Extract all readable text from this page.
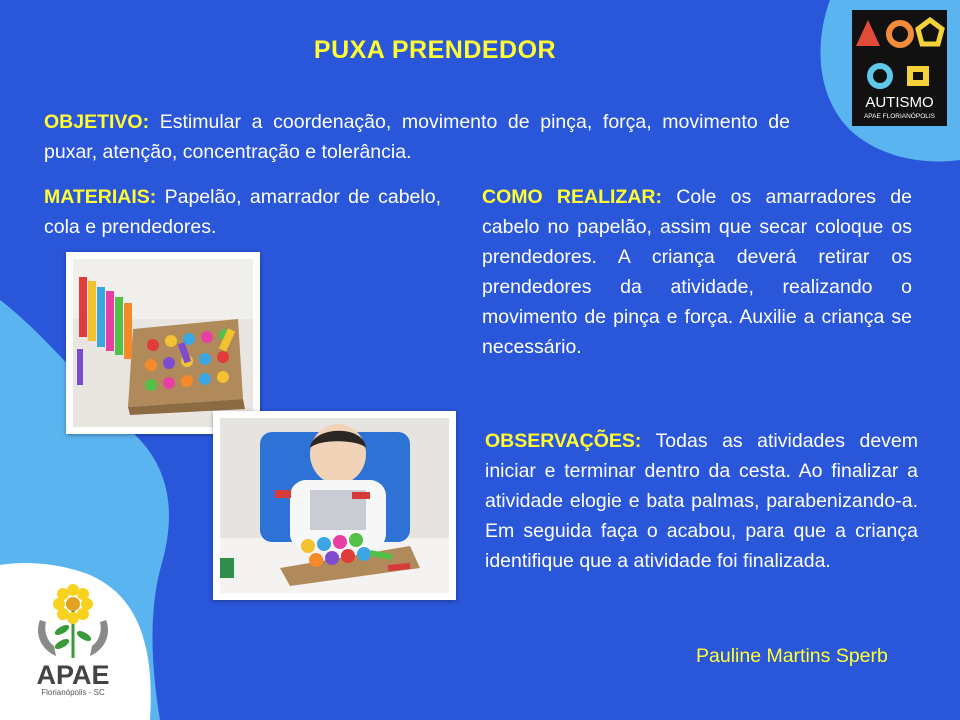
PUXA PRENDEDOR
OBJETIVO: Estimular a coordenação, movimento de pinça, força, movimento de puxar, atenção, concentração e tolerância.
MATERIAIS: Papelão, amarrador de cabelo, cola e prendedores.
COMO REALIZAR: Cole os amarradores de cabelo no papelão, assim que secar coloque os prendedores. A criança deverá retirar os prendedores da atividade, realizando o movimento de pinça e força. Auxilie a criança se necessário.
OBSERVAÇÕES: Todas as atividades devem iniciar e terminar dentro da cesta. Ao finalizar a atividade elogie e bata palmas, parabenizando-a. Em seguida faça o acabou, para que a criança identifique que a atividade foi finalizada.
AUTISMO
APAE FLORIANÓPOLIS
APAE
Florianópolis - SC
Pauline Martins Sperb
